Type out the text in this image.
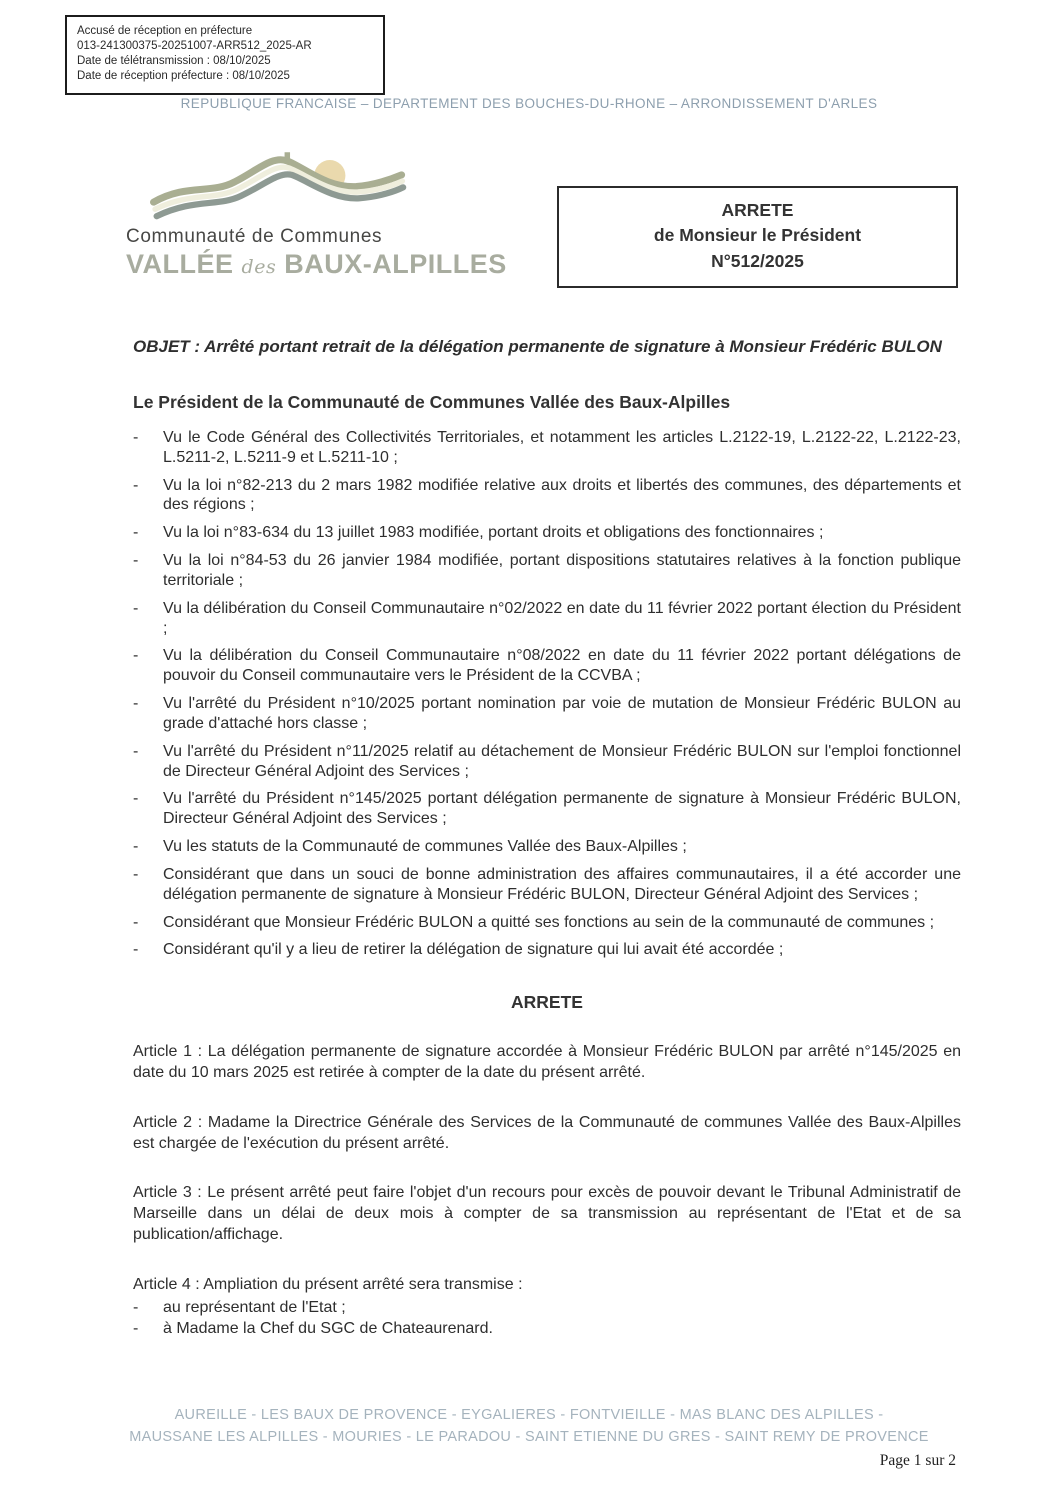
Accusé de réception en préfecture
013-241300375-20251007-ARR512_2025-AR
Date de télétransmission : 08/10/2025
Date de réception préfecture : 08/10/2025
REPUBLIQUE FRANCAISE – DEPARTEMENT DES BOUCHES-DU-RHONE – ARRONDISSEMENT D'ARLES
Communauté de Communes
VALLÉE des BAUX-ALPILLES
ARRETE
de Monsieur le Président
N°512/2025
OBJET : Arrêté portant retrait de la délégation permanente de signature à Monsieur Frédéric BULON
Le Président de la Communauté de Communes Vallée des Baux-Alpilles
-	Vu le Code Général des Collectivités Territoriales, et notamment les articles L.2122-19, L.2122-22, L.2122-23, L.5211-2, L.5211-9 et L.5211-10 ;
-	Vu la loi n°82-213 du 2 mars 1982 modifiée relative aux droits et libertés des communes, des départements et des régions ;
-	Vu la loi n°83-634 du 13 juillet 1983 modifiée, portant droits et obligations des fonctionnaires ;
-	Vu la loi n°84-53 du 26 janvier 1984 modifiée, portant dispositions statutaires relatives à la fonction publique territoriale ;
-	Vu la délibération du Conseil Communautaire n°02/2022 en date du 11 février 2022 portant élection du Président ;
-	Vu la délibération du Conseil Communautaire n°08/2022 en date du 11 février 2022 portant délégations de pouvoir du Conseil communautaire vers le Président de la CCVBA ;
-	Vu l'arrêté du Président n°10/2025 portant nomination par voie de mutation de Monsieur Frédéric BULON au grade d'attaché hors classe ;
-	Vu l'arrêté du Président n°11/2025 relatif au détachement de Monsieur Frédéric BULON sur l'emploi fonctionnel de Directeur Général Adjoint des Services ;
-	Vu l'arrêté du Président n°145/2025 portant délégation permanente de signature à Monsieur Frédéric BULON, Directeur Général Adjoint des Services ;
-	Vu les statuts de la Communauté de communes Vallée des Baux-Alpilles ;
-	Considérant que dans un souci de bonne administration des affaires communautaires, il a été accorder une délégation permanente de signature à Monsieur Frédéric BULON, Directeur Général Adjoint des Services ;
-	Considérant que Monsieur Frédéric BULON a quitté ses fonctions au sein de la communauté de communes ;
-	Considérant qu'il y a lieu de retirer la délégation de signature qui lui avait été accordée ;
ARRETE

Article 1 : La délégation permanente de signature accordée à Monsieur Frédéric BULON par arrêté n°145/2025 en date du 10 mars 2025 est retirée à compter de la date du présent arrêté.

Article 2 : Madame la Directrice Générale des Services de la Communauté de communes Vallée des Baux-Alpilles est chargée de l'exécution du présent arrêté.

Article 3 : Le présent arrêté peut faire l'objet d'un recours pour excès de pouvoir devant le Tribunal Administratif de Marseille dans un délai de deux mois à compter de sa transmission au représentant de l'Etat et de sa publication/affichage.

Article 4 : Ampliation du présent arrêté sera transmise :

-	au représentant de l'Etat ;
-	à Madame la Chef du SGC de Chateaurenard.
AUREILLE - LES BAUX DE PROVENCE - EYGALIERES - FONTVIEILLE - MAS BLANC DES ALPILLES -
MAUSSANE LES ALPILLES - MOURIES - LE PARADOU - SAINT ETIENNE DU GRES - SAINT REMY DE PROVENCE
Page 1 sur 2
